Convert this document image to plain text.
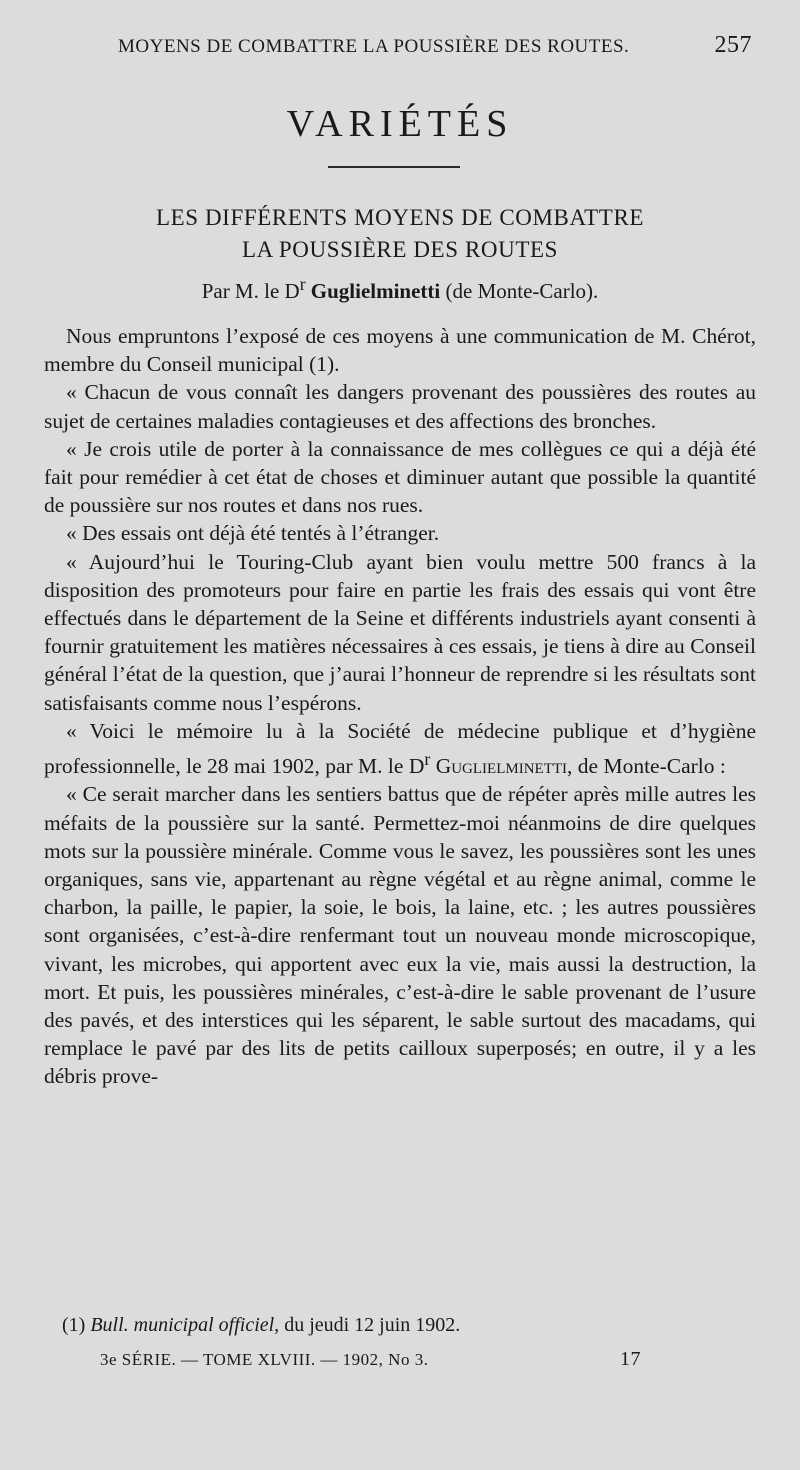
MOYENS DE COMBATTRE LA POUSSIÈRE DES ROUTES.	257
VARIÉTÉS
LES DIFFÉRENTS MOYENS DE COMBATTRE
LA POUSSIÈRE DES ROUTES
Par M. le $D^r$ Guglielminetti (de Monte-Carlo).

Nous empruntons l’exposé de ces moyens à une communication de M. Chérot, membre du Conseil municipal (1).

« Chacun de vous connaît les dangers provenant des poussières des routes au sujet de certaines maladies contagieuses et des affections des bronches.

« Je crois utile de porter à la connaissance de mes collègues ce qui a déjà été fait pour remédier à cet état de choses et diminuer autant que possible la quantité de poussière sur nos routes et dans nos rues.

« Des essais ont déjà été tentés à l’étranger.

« Aujourd’hui le Touring-Club ayant bien voulu mettre 500 francs à la disposition des promoteurs pour faire en partie les frais des essais qui vont être effectués dans le département de la Seine et différents industriels ayant consenti à fournir gratuitement les matières nécessaires à ces essais, je tiens à dire au Conseil général l’état de la question, que j’aurai l’honneur de reprendre si les résultats sont satisfaisants comme nous l’espérons.

« Voici le mémoire lu à la Société de médecine publique et d’hygiène professionnelle, le 28 mai 1902, par M. le $D^r$ Guglielminetti, de Monte-Carlo :

« Ce serait marcher dans les sentiers battus que de répéter après mille autres les méfaits de la poussière sur la santé. Permettez-moi néanmoins de dire quelques mots sur la poussière minérale. Comme vous le savez, les poussières sont les unes organiques, sans vie, appartenant au règne végétal et au règne animal, comme le charbon, la paille, le papier, la soie, le bois, la laine, etc. ; les autres poussières sont organisées, c’est-à-dire renfermant tout un nouveau monde microscopique, vivant, les microbes, qui apportent avec eux la vie, mais aussi la destruction, la mort. Et puis, les poussières minérales, c’est-à-dire le sable provenant de l’usure des pavés, et des interstices qui les séparent, le sable surtout des macadams, qui remplace le pavé par des lits de petits cailloux superposés; en outre, il y a les débris prove-

(1) Bull. municipal officiel, du jeudi 12 juin 1902.
3e SÉRIE. — TOME XLVIII. — 1902, No 3.	17
